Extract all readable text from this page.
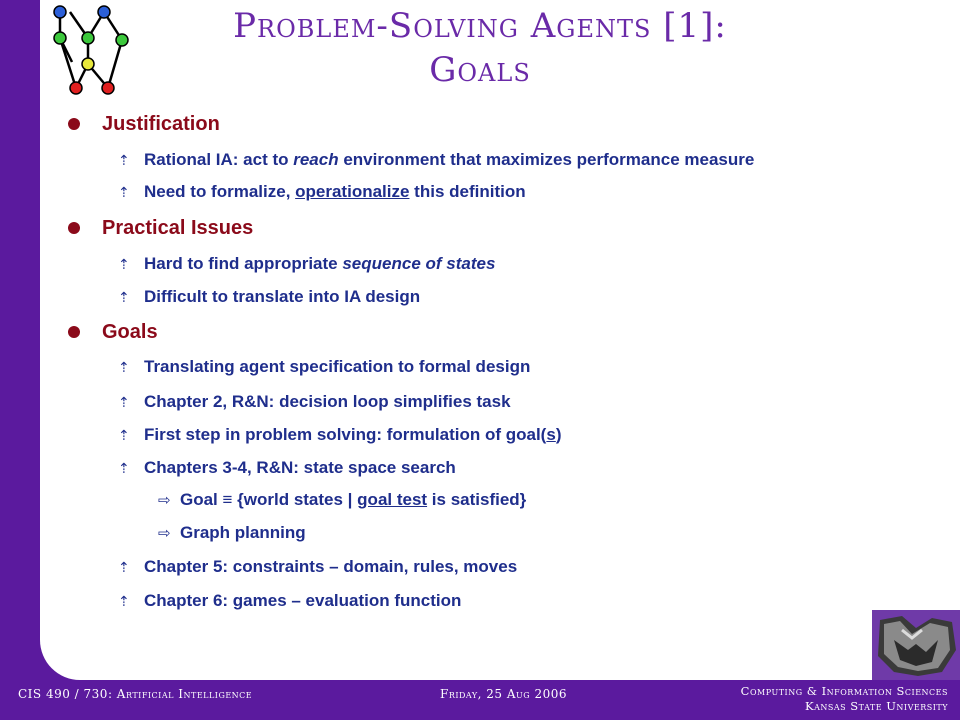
Problem-Solving Agents [1]:
Goals
Justification
⇡ Rational IA: act to reach environment that maximizes performance measure
⇡ Need to formalize, operationalize this definition
Practical Issues
⇡ Hard to find appropriate sequence of states
⇡ Difficult to translate into IA design
Goals
⇡ Translating agent specification to formal design
⇡ Chapter 2, R&N: decision loop simplifies task
⇡ First step in problem solving: formulation of goal(s)
⇡ Chapters 3-4, R&N: state space search
⇨ Goal ≡ {world states | goal test is satisfied}
⇨ Graph planning
⇡ Chapter 5: constraints – domain, rules, moves
⇡ Chapter 6: games – evaluation function
CIS 490 / 730: Artificial Intelligence	Friday, 25 Aug 2006	Computing & Information Sciences
Kansas State University
